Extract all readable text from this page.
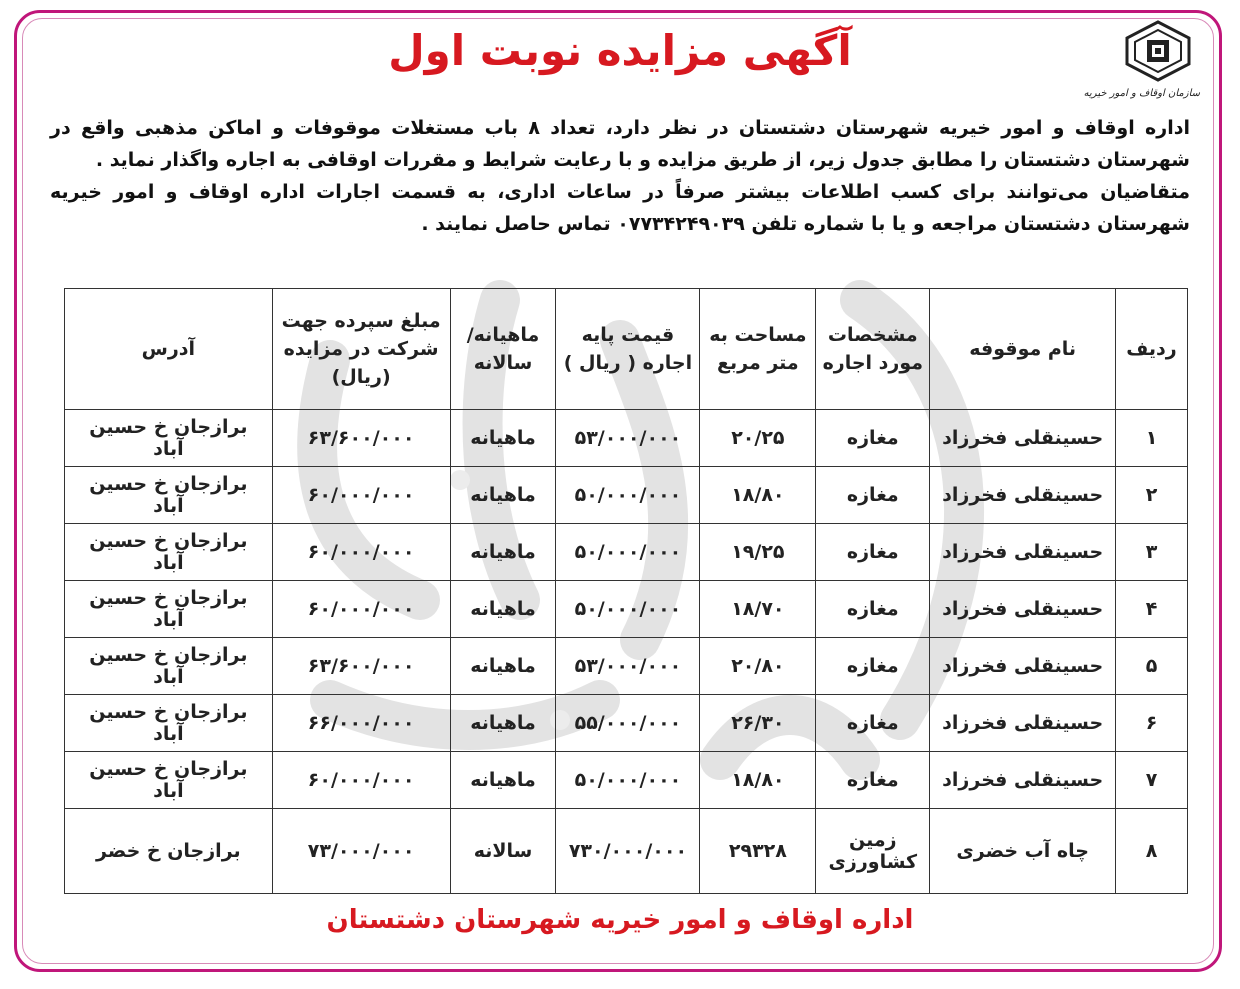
سازمان اوقاف و امور خیریه
آگهی مزایده نوبت اول

اداره اوقاف و امور خیریه شهرستان دشتستان در نظر دارد، تعداد ۸ باب مستغلات موقوفات و اماکن مذهبی واقع در شهرستان دشتستان را مطابق جدول زیر، از طریق مزایده و با رعایت شرایط و مقررات اوقافی به اجاره واگذار نماید .

متقاضیان می‌توانند برای کسب اطلاعات بیشتر صرفاً در ساعات اداری، به قسمت اجارات اداره اوقاف و امور خیریه شهرستان دشتستان مراجعه و یا با شماره تلفن ۰۷۷۳۴۲۴۹۰۳۹ تماس حاصل نمایند .

ردیف	نام موقوفه	مشخصات مورد اجاره	مساحت به متر مربع	قیمت پایه اجاره ( ریال )	ماهیانه/ سالانه	مبلغ سپرده جهت شرکت در مزایده (ریال)	آدرس
۱	حسینقلی فخرزاد	مغازه	۲۰/۲۵	۵۳/۰۰۰/۰۰۰	ماهیانه	۶۳/۶۰۰/۰۰۰	برازجان خ حسین آباد
۲	حسینقلی فخرزاد	مغازه	۱۸/۸۰	۵۰/۰۰۰/۰۰۰	ماهیانه	۶۰/۰۰۰/۰۰۰	برازجان خ حسین آباد
۳	حسینقلی فخرزاد	مغازه	۱۹/۲۵	۵۰/۰۰۰/۰۰۰	ماهیانه	۶۰/۰۰۰/۰۰۰	برازجان خ حسین آباد
۴	حسینقلی فخرزاد	مغازه	۱۸/۷۰	۵۰/۰۰۰/۰۰۰	ماهیانه	۶۰/۰۰۰/۰۰۰	برازجان خ حسین آباد
۵	حسینقلی فخرزاد	مغازه	۲۰/۸۰	۵۳/۰۰۰/۰۰۰	ماهیانه	۶۳/۶۰۰/۰۰۰	برازجان خ حسین آباد
۶	حسینقلی فخرزاد	مغازه	۲۶/۳۰	۵۵/۰۰۰/۰۰۰	ماهیانه	۶۶/۰۰۰/۰۰۰	برازجان خ حسین آباد
۷	حسینقلی فخرزاد	مغازه	۱۸/۸۰	۵۰/۰۰۰/۰۰۰	ماهیانه	۶۰/۰۰۰/۰۰۰	برازجان خ حسین آباد
۸	چاه آب خضری	زمین کشاورزی	۲۹۳۲۸	۷۳۰/۰۰۰/۰۰۰	سالانه	۷۳/۰۰۰/۰۰۰	برازجان خ خضر
اداره اوقاف و امور خیریه شهرستان دشتستان
